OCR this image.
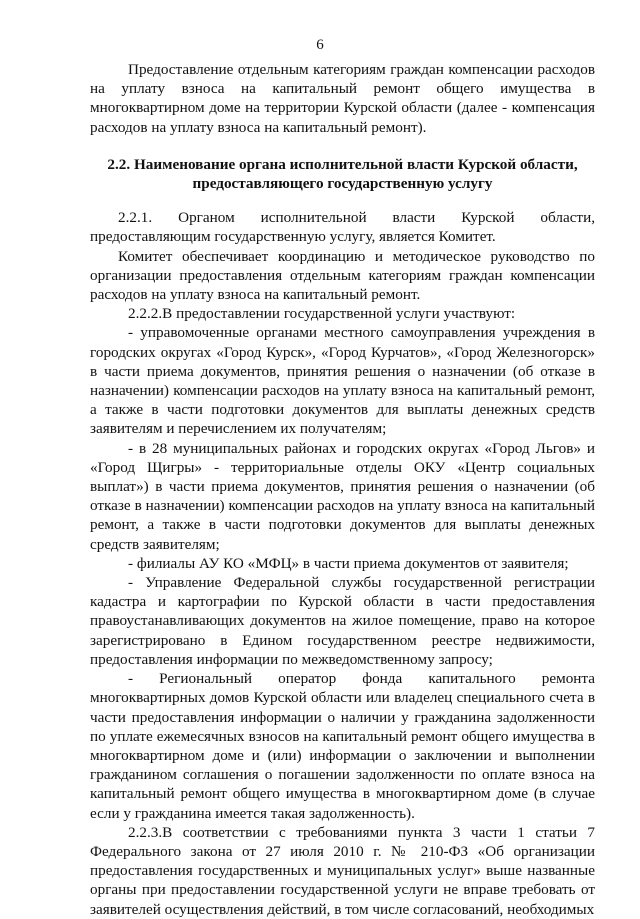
6

Предоставление отдельным категориям граждан компенсации расходов на уплату взноса на капитальный ремонт общего имущества в многоквартирном доме на территории Курской области (далее - компенсация расходов на уплату взноса на капитальный ремонт).

2.2. Наименование органа исполнительной власти Курской области, предоставляющего государственную услугу

2.2.1. Органом исполнительной власти Курской области, предоставляющим государственную услугу, является Комитет.

Комитет обеспечивает координацию и методическое руководство по организации предоставления отдельным категориям граждан компенсации расходов на уплату взноса на капитальный ремонт.

2.2.2.В предоставлении государственной услуги участвуют:

- управомоченные органами местного самоуправления учреждения в городских округах «Город Курск», «Город Курчатов», «Город Железногорск» в части приема документов, принятия решения о назначении (об отказе в назначении) компенсации расходов на уплату взноса на капитальный ремонт, а также в части подготовки документов для выплаты денежных средств заявителям и перечислением их получателям;

- в 28 муниципальных районах и городских округах «Город Льгов» и «Город Щигры» - территориальные отделы ОКУ «Центр социальных выплат») в части приема документов, принятия решения о назначении (об отказе в назначении) компенсации расходов на уплату взноса на капитальный ремонт, а также в части подготовки документов для выплаты денежных средств заявителям;

- филиалы АУ КО «МФЦ» в части приема документов от заявителя;

- Управление Федеральной службы государственной регистрации кадастра и картографии по Курской области в части предоставления правоустанавливающих документов на жилое помещение, право на которое зарегистрировано в Едином государственном реестре недвижимости, предоставления информации по межведомственному запросу;

- Региональный оператор фонда капитального ремонта многоквартирных домов Курской области или владелец специального счета в части предоставления информации о наличии у гражданина задолженности по уплате ежемесячных взносов на капитальный ремонт общего имущества в многоквартирном доме и (или) информации о заключении и выполнении гражданином соглашения о погашении задолженности по оплате взноса на капитальный ремонт общего имущества в многоквартирном доме (в случае если у гражданина имеется такая задолженность).

2.2.3.В соответствии с требованиями пункта 3 части 1 статьи 7 Федерального закона от 27 июля 2010 г. № 210-ФЗ «Об организации предоставления государственных и муниципальных услуг» выше названные органы при предоставлении государственной услуги не вправе требовать от заявителей осуществления действий, в том числе согласований, необходимых
